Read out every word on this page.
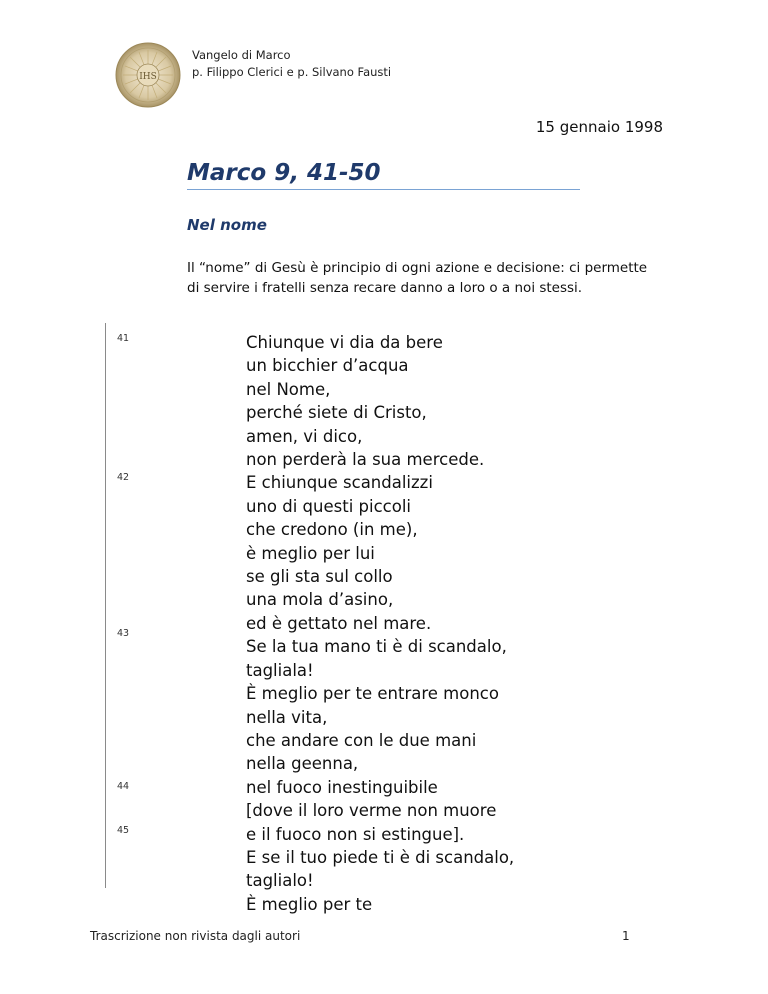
IHS
Vangelo di Marco
p. Filippo Clerici e p. Silvano Fausti
15 gennaio 1998
Marco 9, 41-50
Nel nome
Il “nome” di Gesù è principio di ogni azione e decisione: ci permette di servire i fratelli senza recare danno a loro o a noi stessi.
41
42
43
44
45
Chiunque vi dia da bere
un bicchier d’acqua
nel Nome,
perché siete di Cristo,
amen, vi dico,
non perderà la sua mercede.
E chiunque scandalizzi
uno di questi piccoli
che credono (in me),
è meglio per lui
se gli sta sul collo
una mola d’asino,
ed è gettato nel mare.
Se la tua mano ti è di scandalo,
tagliala!
È meglio per te entrare monco
nella vita,
che andare con le due mani
nella geenna,
nel fuoco inestinguibile
[dove il loro verme non muore
e il fuoco non si estingue].
E se il tuo piede ti è di scandalo,
taglialo!
È meglio per te
Trascrizione non rivista dagli autori	1
